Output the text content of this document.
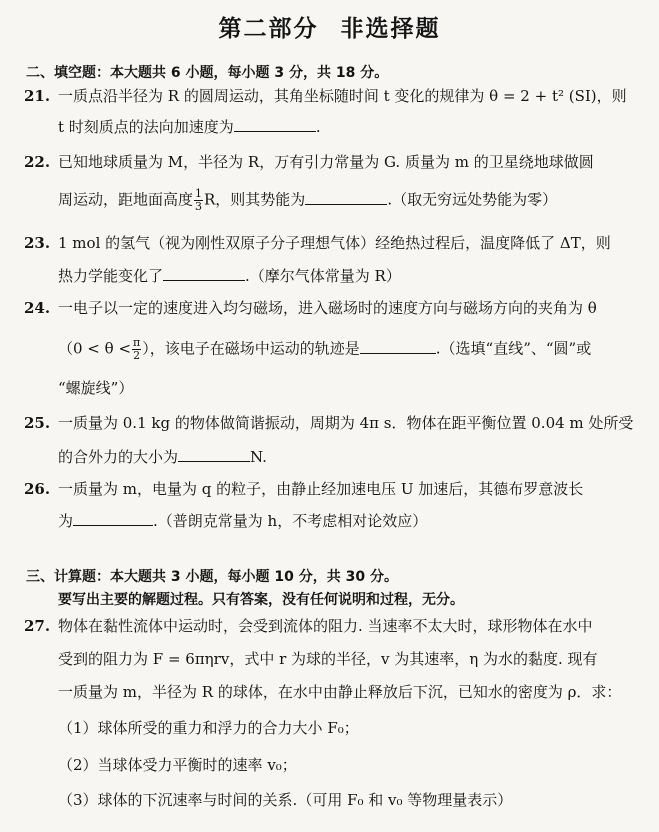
第二部分 非选择题
二、填空题：本大题共 6 小题，每小题 3 分，共 18 分。
21. 一质点沿半径为 R 的圆周运动，其角坐标随时间 t 变化的规律为 θ = 2 + t² (SI)，则
t 时刻质点的法向加速度为	.
22. 已知地球质量为 M，半径为 R，万有引力常量为 G. 质量为 m 的卫星绕地球做圆
周运动，距地面高度 $\frac{1}{3}$ R，则其势能为	.（取无穷远处势能为零）
23. 1 mol 的氢气（视为刚性双原子分子理想气体）经绝热过程后，温度降低了 ΔT，则
热力学能变化了	.（摩尔气体常量为 R）
24. 一电子以一定的速度进入均匀磁场，进入磁场时的速度方向与磁场方向的夹角为 θ
（$0 < \theta < \frac{\pi}{2}$ ），该电子在磁场中运动的轨迹是	.（选填“直线”、“圆”或
“螺旋线”）
25. 一质量为 0.1 kg 的物体做简谐振动，周期为 4π s．物体在距平衡位置 0.04 m 处所受
的合外力的大小为	N.
26. 一质量为 m，电量为 q 的粒子，由静止经加速电压 U 加速后，其德布罗意波长
为	.（普朗克常量为 h，不考虑相对论效应）
三、计算题：本大题共 3 小题，每小题 10 分，共 30 分。
要写出主要的解题过程。只有答案，没有任何说明和过程，无分。
27. 物体在黏性流体中运动时，会受到流体的阻力. 当速率不太大时，球形物体在水中
受到的阻力为 F = 6πηrv，式中 r 为球的半径，v 为其速率，η 为水的黏度. 现有
一质量为 m，半径为 R 的球体，在水中由静止释放后下沉，已知水的密度为 ρ．求：
（1）球体所受的重力和浮力的合力大小 F₀；
（2）当球体受力平衡时的速率 v₀；
（3）球体的下沉速率与时间的关系.（可用 F₀ 和 v₀ 等物理量表示）
